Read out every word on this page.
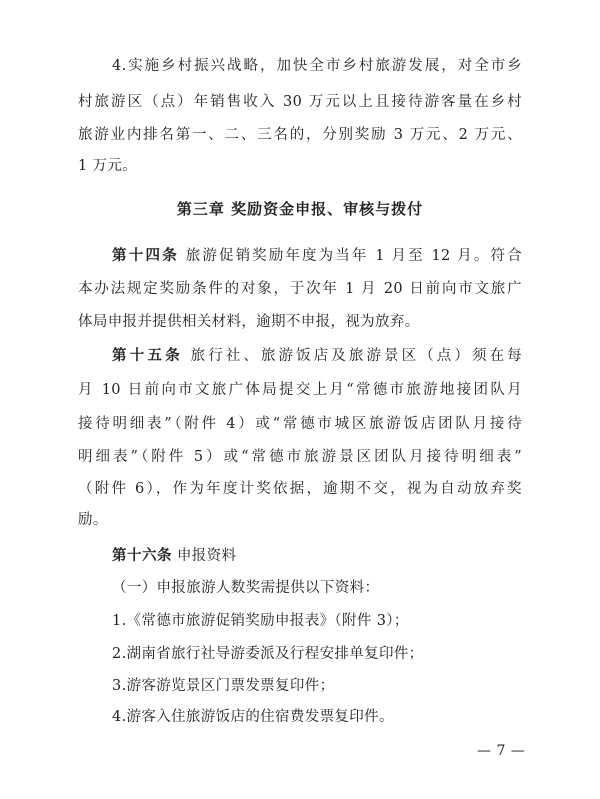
4.实施乡村振兴战略，加快全市乡村旅游发展，对全市乡
村旅游区（点）年销售收入 30 万元以上且接待游客量在乡村
旅游业内排名第一、二、三名的，分别奖励 3 万元、2 万元、
1 万元。
第三章 奖励资金申报、审核与拨付
第十四条 旅游促销奖励年度为当年 1 月至 12 月。符合
本办法规定奖励条件的对象，于次年 1 月 20 日前向市文旅广
体局申报并提供相关材料，逾期不申报，视为放弃。
第十五条 旅行社、旅游饭店及旅游景区（点）须在每
月 10 日前向市文旅广体局提交上月“常德市旅游地接团队月
接待明细表”（附件 4）或“常德市城区旅游饭店团队月接待
明细表”（附件 5）或“常德市旅游景区团队月接待明细表”
（附件 6），作为年度计奖依据，逾期不交，视为自动放弃奖
励。
第十六条 申报资料
（一）申报旅游人数奖需提供以下资料：
1.《常德市旅游促销奖励申报表》（附件 3）；
2.湖南省旅行社导游委派及行程安排单复印件；
3.游客游览景区门票发票复印件；
4.游客入住旅游饭店的住宿费发票复印件。
— 7 —
